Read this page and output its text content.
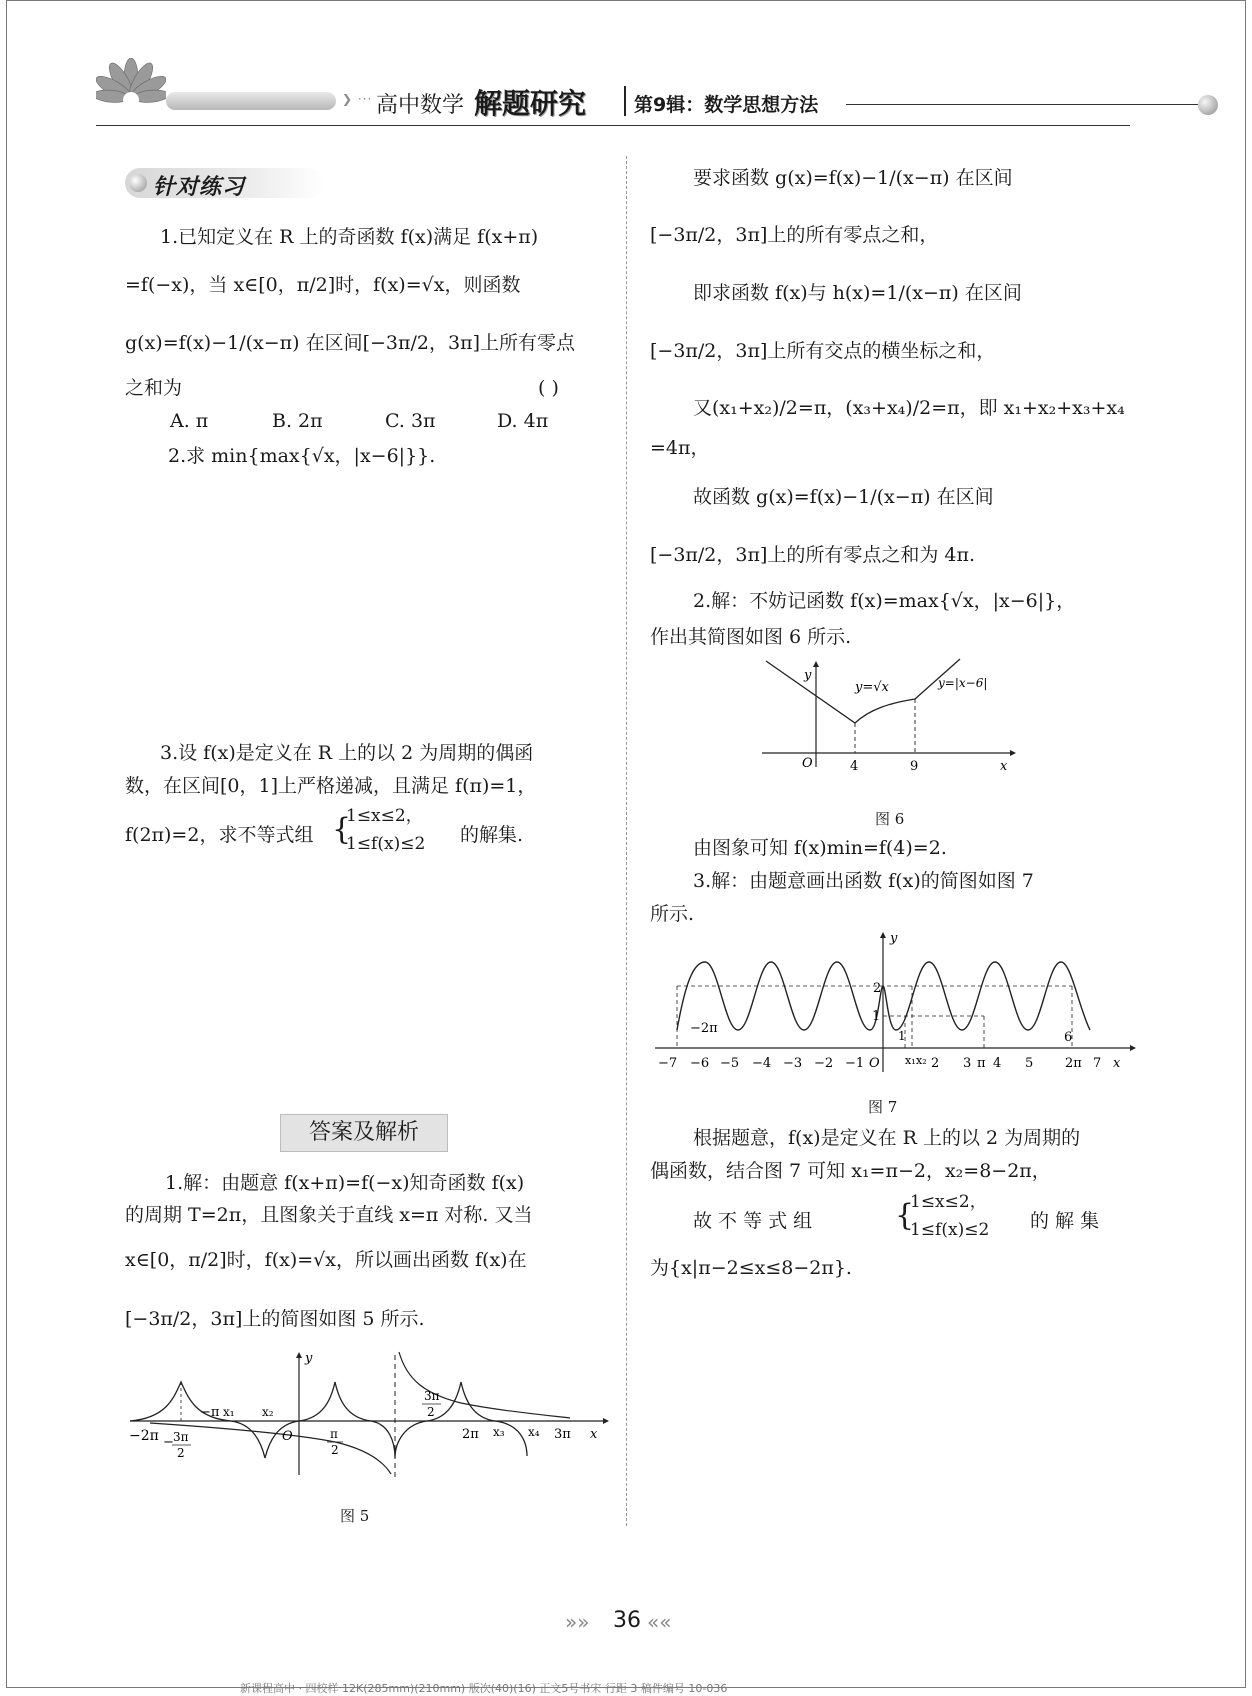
❯ ··· 高中数学 解题研究	第9辑：数学思想方法
针对练习
1.已知定义在 R 上的奇函数 f(x)满足 f(x+π)
=f(−x)，当 x∈[0，π/2]时，f(x)=√x，则函数
g(x)=f(x)−1/(x−π) 在区间[−3π/2，3π]上所有零点
之和为	( )
A. π	B. 2π	C. 3π	D. 4π
2.求 min{max{√x，|x−6|}}.
3.设 f(x)是定义在 R 上的以 2 为周期的偶函
数，在区间[0，1]上严格递减，且满足 f(π)=1，
f(2π)=2，求不等式组 {
1≤x≤2，
1≤f(x)≤2 的解集.
答案及解析
1.解：由题意 f(x+π)=f(−x)知奇函数 f(x)
的周期 T=2π，且图象关于直线 x=π 对称. 又当
x∈[0，π/2]时，f(x)=√x，所以画出函数 f(x)在
[−3π/2，3π]上的简图如图 5 所示.
−2π − 3π
2
−π x₁ x₂
O
y
π
2
3π
2
2π x₃ x₄ 3π x
图 5
要求函数 g(x)=f(x)−1/(x−π) 在区间
[−3π/2，3π]上的所有零点之和，
即求函数 f(x)与 h(x)=1/(x−π) 在区间
[−3π/2，3π]上所有交点的横坐标之和，
又(x₁+x₂)/2=π，(x₃+x₄)/2=π，即 x₁+x₂+x₃+x₄
=4π，
故函数 g(x)=f(x)−1/(x−π) 在区间
[−3π/2，3π]上的所有零点之和为 4π.
2.解：不妨记函数 f(x)=max{√x，|x−6|}，
作出其简图如图 6 所示.
y
O	4	9	x
y=√x	y=|x−6|
图 6
由图象可知 f(x)min=f(4)=2.
3.解：由题意画出函数 f(x)的简图如图 7
所示.
y
2
1
−2π	1
−7 −6 −5 −4 −3 −2 −1 O x₁ x₂ 2 3 π 4 5
6
2π 7 x
图 7
根据题意，f(x)是定义在 R 上的以 2 为周期的
偶函数，结合图 7 可知 x₁=π−2，x₂=8−2π，
故 不 等 式 组	{
1≤x≤2，
1≤f(x)≤2 的 解 集
为{x|π−2≤x≤8−2π}.
»» 36 ««
新课程高中 · 四校样 12K(285mm)(210mm) 版次(40)(16) 正文5号书宋 行距 3 稿件编号 10-036
